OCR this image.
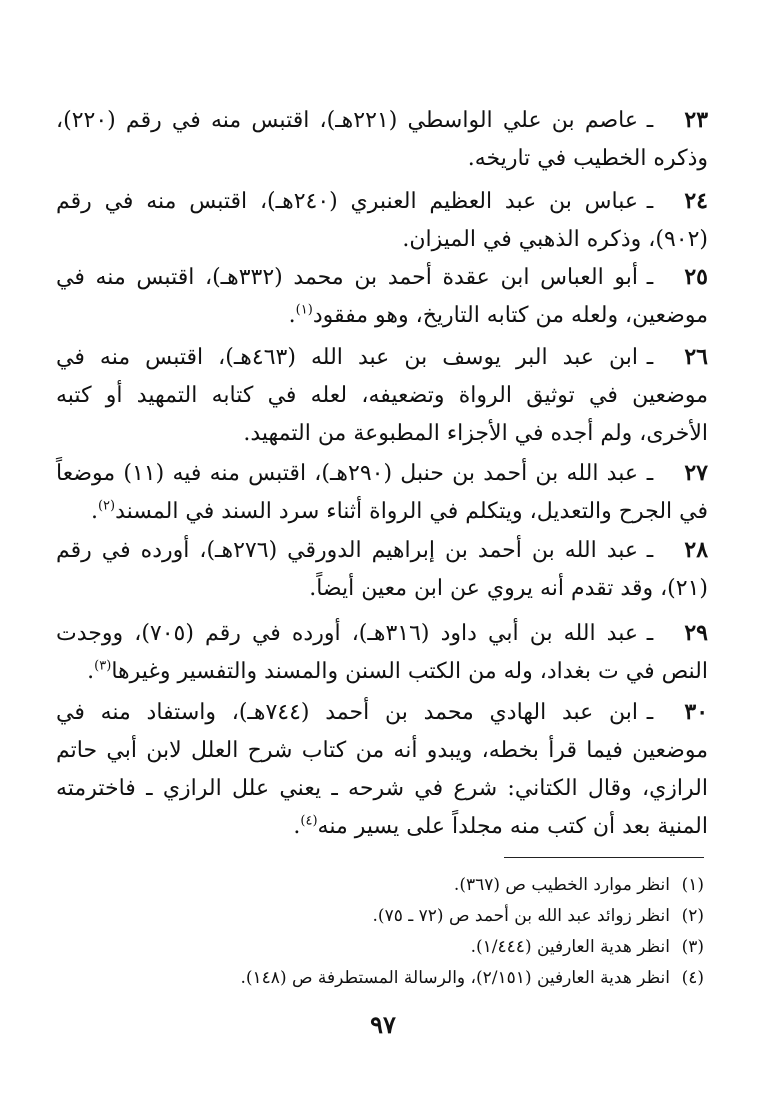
٢٣ـعاصم بن علي الواسطي (٢٢١هـ)، اقتبس منه في رقم (٢٢٠)، وذكره الخطيب في تاريخه.
٢٤ـعباس بن عبد العظيم العنبري (٢٤٠هـ)، اقتبس منه في رقم (٩٠٢)، وذكره الذهبي في الميزان.
٢٥ـأبو العباس ابن عقدة أحمد بن محمد (٣٣٢هـ)، اقتبس منه في موضعين، ولعله من كتابه التاريخ، وهو مفقود$^{(١)}$.
٢٦ـابن عبد البر يوسف بن عبد الله (٤٦٣هـ)، اقتبس منه في موضعين في توثيق الرواة وتضعيفه، لعله في كتابه التمهيد أو كتبه الأخرى، ولم أجده في الأجزاء المطبوعة من التمهيد.
٢٧ـعبد الله بن أحمد بن حنبل (٢٩٠هـ)، اقتبس منه فيه (١١) موضعاً في الجرح والتعديل، ويتكلم في الرواة أثناء سرد السند في المسند$^{(٢)}$.
٢٨ـعبد الله بن أحمد بن إبراهيم الدورقي (٢٧٦هـ)، أورده في رقم (٢١)، وقد تقدم أنه يروي عن ابن معين أيضاً.
٢٩ـعبد الله بن أبي داود (٣١٦هـ)، أورده في رقم (٧٠٥)، ووجدت النص في ت بغداد، وله من الكتب السنن والمسند والتفسير وغيرها$^{(٣)}$.
٣٠ـابن عبد الهادي محمد بن أحمد (٧٤٤هـ)، واستفاد منه في موضعين فيما قرأ بخطه، ويبدو أنه من كتاب شرح العلل لابن أبي حاتم الرازي، وقال الكتاني: شرع في شرحه ـ يعني علل الرازي ـ فاخترمته المنية بعد أن كتب منه مجلداً على يسير منه$^{(٤)}$.
(١)انظر موارد الخطيب ص (٣٦٧).
(٢)انظر زوائد عبد الله بن أحمد ص (٧٢ ـ ٧٥).
(٣)انظر هدية العارفين (١/٤٤٤).
(٤)انظر هدية العارفين (٢/١٥١)، والرسالة المستطرفة ص (١٤٨).
٩٧
